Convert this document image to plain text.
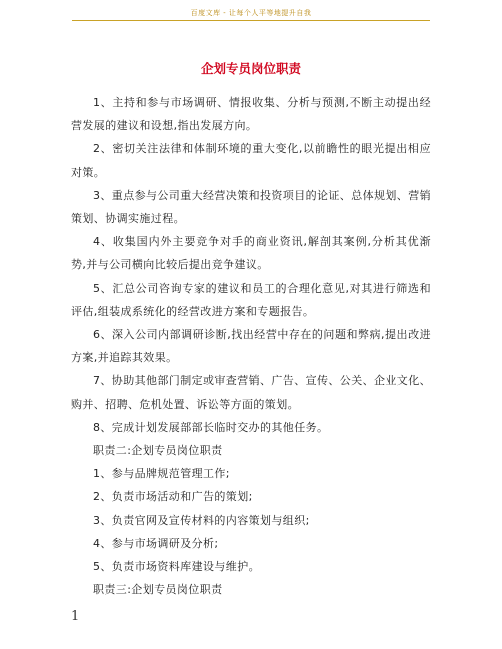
百度文库 - 让每个人平等地提升自我
企划专员岗位职责

1、主持和参与市场调研、情报收集、分析与预测,不断主动提出经营发展的建议和设想,指出发展方向。

2、密切关注法律和体制环境的重大变化,以前瞻性的眼光提出相应对策。

3、重点参与公司重大经营决策和投资项目的论证、总体规划、营销策划、协调实施过程。

4、收集国内外主要竞争对手的商业资讯,解剖其案例,分析其优渐势,并与公司横向比较后提出竞争建议。

5、汇总公司咨询专家的建议和员工的合理化意见,对其进行筛选和评估,组装成系统化的经营改进方案和专题报告。

6、深入公司内部调研诊断,找出经营中存在的问题和弊病,提出改进方案,并追踪其效果。

7、协助其他部门制定或审查营销、广告、宣传、公关、企业文化、购并、招聘、危机处置、诉讼等方面的策划。

8、完成计划发展部部长临时交办的其他任务。

职责二:企划专员岗位职责

1、参与品牌规范管理工作;

2、负责市场活动和广告的策划;

3、负责官网及宣传材料的内容策划与组织;

4、参与市场调研及分析;

5、负责市场资料库建设与维护。

职责三:企划专员岗位职责

1
